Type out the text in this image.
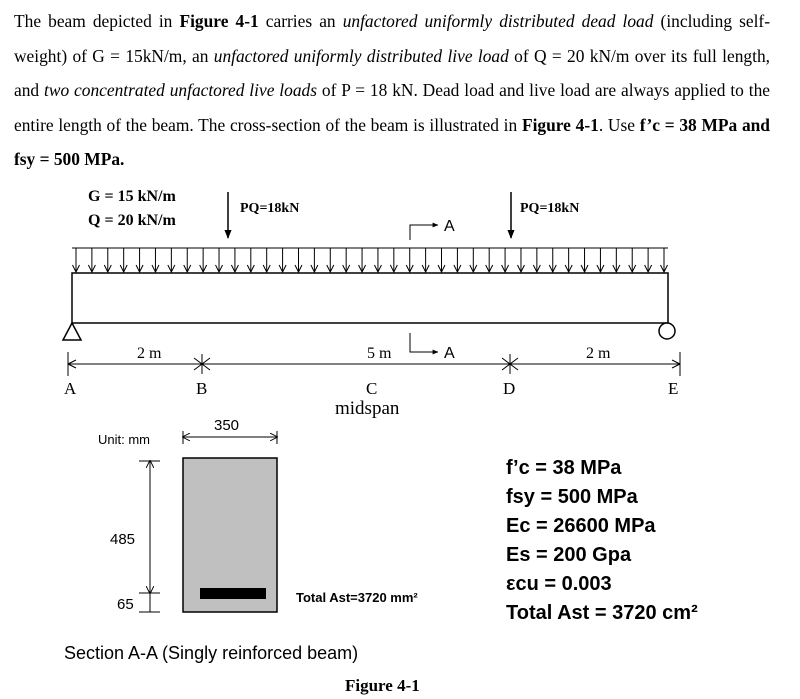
The beam depicted in Figure 4-1 carries an unfactored uniformly distributed dead load (including self-weight) of G = 15kN/m, an unfactored uniformly distributed live load of Q = 20 kN/m over its full length, and two concentrated unfactored live loads of P = 18 kN. Dead load and live load are always applied to the entire length of the beam. The cross-section of the beam is illustrated in Figure 4-1. Use f’c = 38 MPa and fsy = 500 MPa.
G = 15 kN/m
Q = 20 kN/m
PQ=18kN	PQ=18kN
A
A
2 m	5 m	2 m
A	B	C
midspan
D	E
Unit: mm
350
485
65	Total Ast=3720 mm²
f’c = 38 MPa
fsy = 500 MPa
Ec = 26600 MPa
Es = 200 Gpa
εcu = 0.003
Total Ast = 3720 cm²
Section A-A (Singly reinforced beam)
Figure 4-1
